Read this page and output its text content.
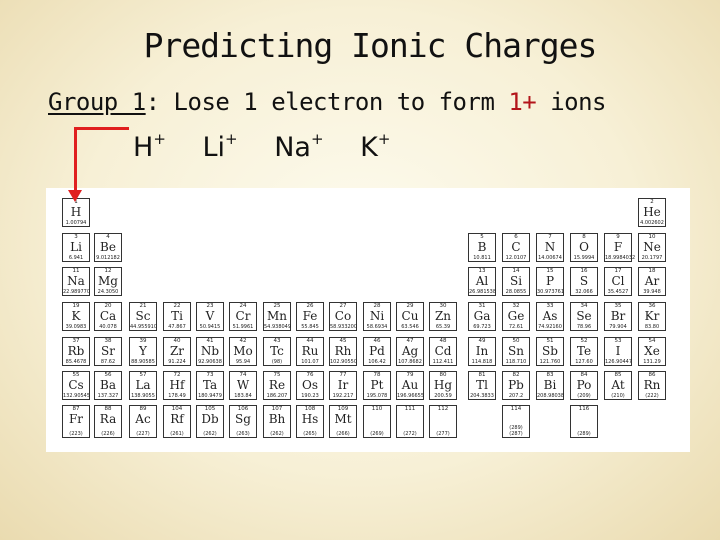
Predicting Ionic Charges
Group 1: Lose 1 electron to form 1+ ions
H+ Li+ Na+ K+
1
H
1.00794
2
He
4.002602
3
Li
6.941
4
Be
9.012182
5
B
10.811
6
C
12.0107
7
N
14.00674
8
O
15.9994
9
F
18.9984032
10
Ne
20.1797
11
Na
22.989770
12
Mg
24.3050
13
Al
26.981538
14
Si
28.0855
15
P
30.973761
16
S
32.066
17
Cl
35.4527
18
Ar
39.948
19
K
39.0983
20
Ca
40.078
21
Sc
44.955910
22
Ti
47.867
23
V
50.9415
24
Cr
51.9961
25
Mn
54.938049
26
Fe
55.845
27
Co
58.933200
28
Ni
58.6934
29
Cu
63.546
30
Zn
65.39
31
Ga
69.723
32
Ge
72.61
33
As
74.92160
34
Se
78.96
35
Br
79.904
36
Kr
83.80
37
Rb
85.4678
38
Sr
87.62
39
Y
88.90585
40
Zr
91.224
41
Nb
92.90638
42
Mo
95.94
43
Tc
(98)
44
Ru
101.07
45
Rh
102.90550
46
Pd
106.42
47
Ag
107.8682
48
Cd
112.411
49
In
114.818
50
Sn
118.710
51
Sb
121.760
52
Te
127.60
53
I
126.90447
54
Xe
131.29
55
Cs
132.90545
56
Ba
137.327
57
La
138.9055
72
Hf
178.49
73
Ta
180.9479
74
W
183.84
75
Re
186.207
76
Os
190.23
77
Ir
192.217
78
Pt
195.078
79
Au
196.96655
80
Hg
200.59
81
Tl
204.3833
82
Pb
207.2
83
Bi
208.98038
84
Po
(209)
85
At
(210)
86
Rn
(222)
87
Fr
(223)
88
Ra
(226)
89
Ac
(227)
104
Rf
(261)
105
Db
(262)
106
Sg
(263)
107
Bh
(262)
108
Hs
(265)
109
Mt
(266)
110
(269)
111
(272)
112
(277)
114
(289) (287)
116
(289)
